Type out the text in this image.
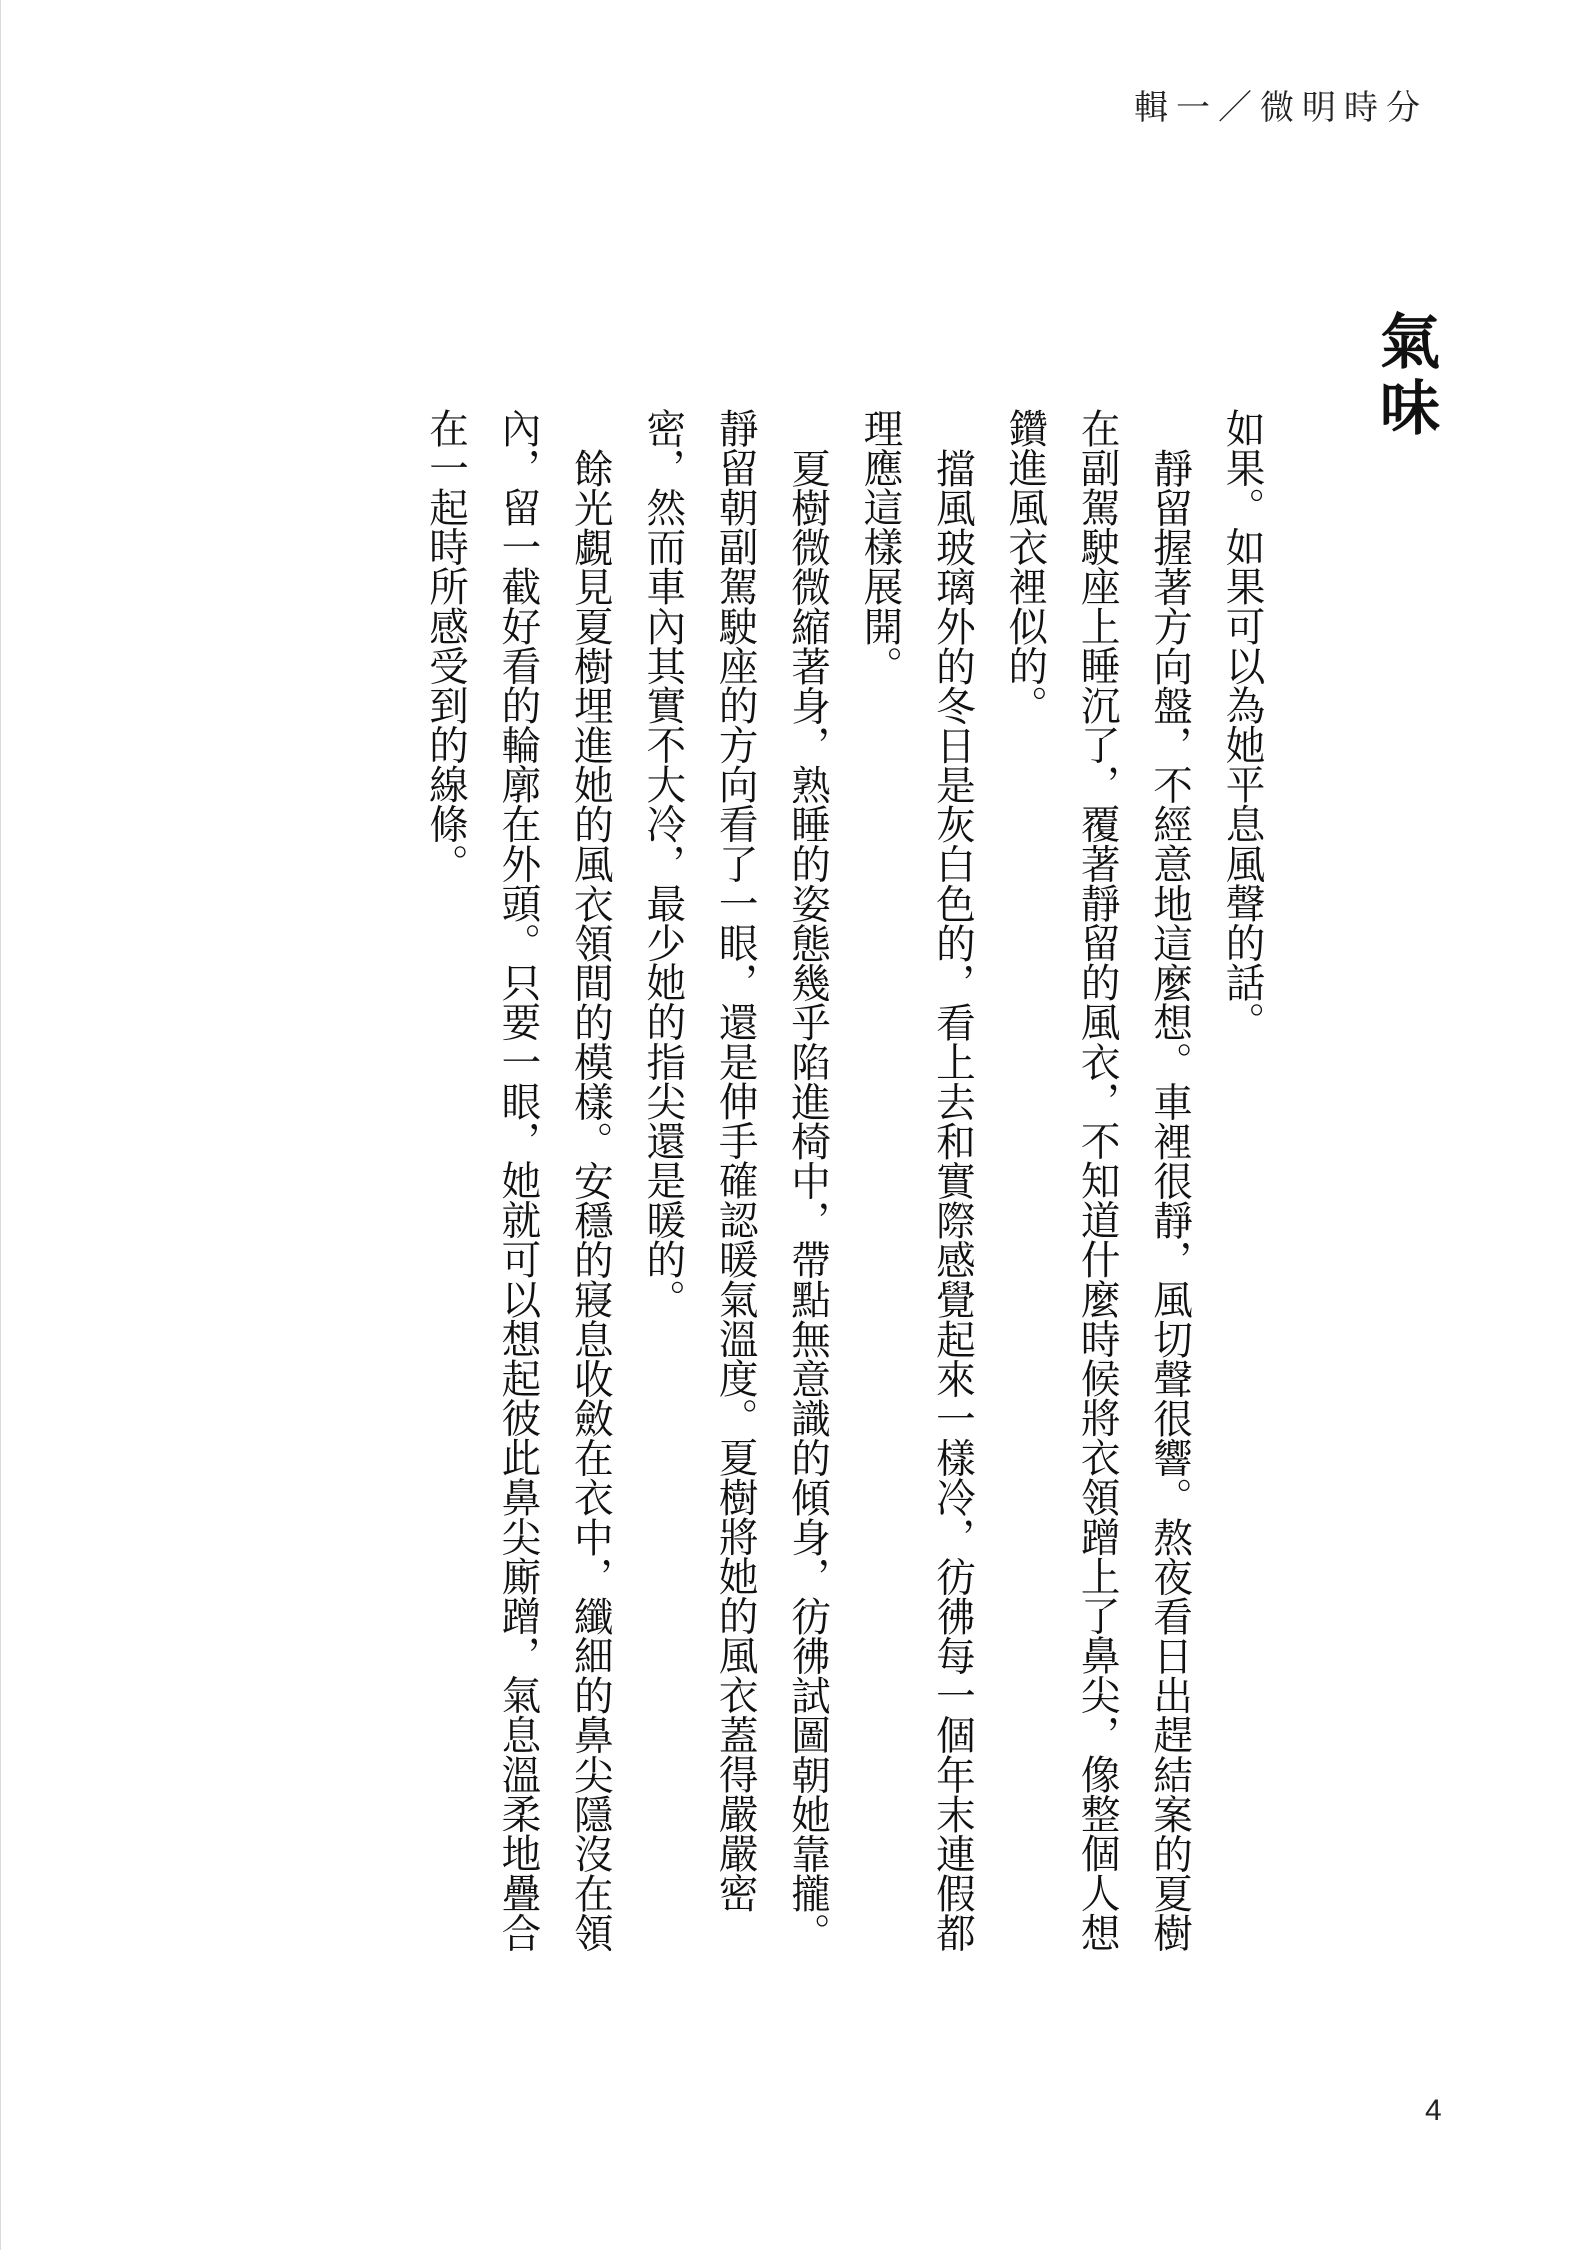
輯一／微明時分
氣味

如果。如果可以為她平息風聲的話。

靜留握著方向盤，不經意地這麼想。車裡很靜，風切聲很響。熬夜看日出趕結案的夏樹在副駕駛座上睡沉了，覆著靜留的風衣，不知道什麼時候將衣領蹭上了鼻尖，像整個人想鑽進風衣裡似的。

擋風玻璃外的冬日是灰白色的，看上去和實際感覺起來一樣冷，彷彿每一個年末連假都理應這樣展開。

夏樹微微縮著身，熟睡的姿態幾乎陷進椅中，帶點無意識的傾身，彷彿試圖朝她靠攏。靜留朝副駕駛座的方向看了一眼，還是伸手確認暖氣溫度。夏樹將她的風衣蓋得嚴嚴密密，然而車內其實不大冷，最少她的指尖還是暖的。

餘光覷見夏樹埋進她的風衣領間的模樣。安穩的寢息收斂在衣中，纖細的鼻尖隱沒在領內，留一截好看的輪廓在外頭。只要一眼，她就可以想起彼此鼻尖廝蹭，氣息溫柔地疊合在一起時所感受到的線條。

4
